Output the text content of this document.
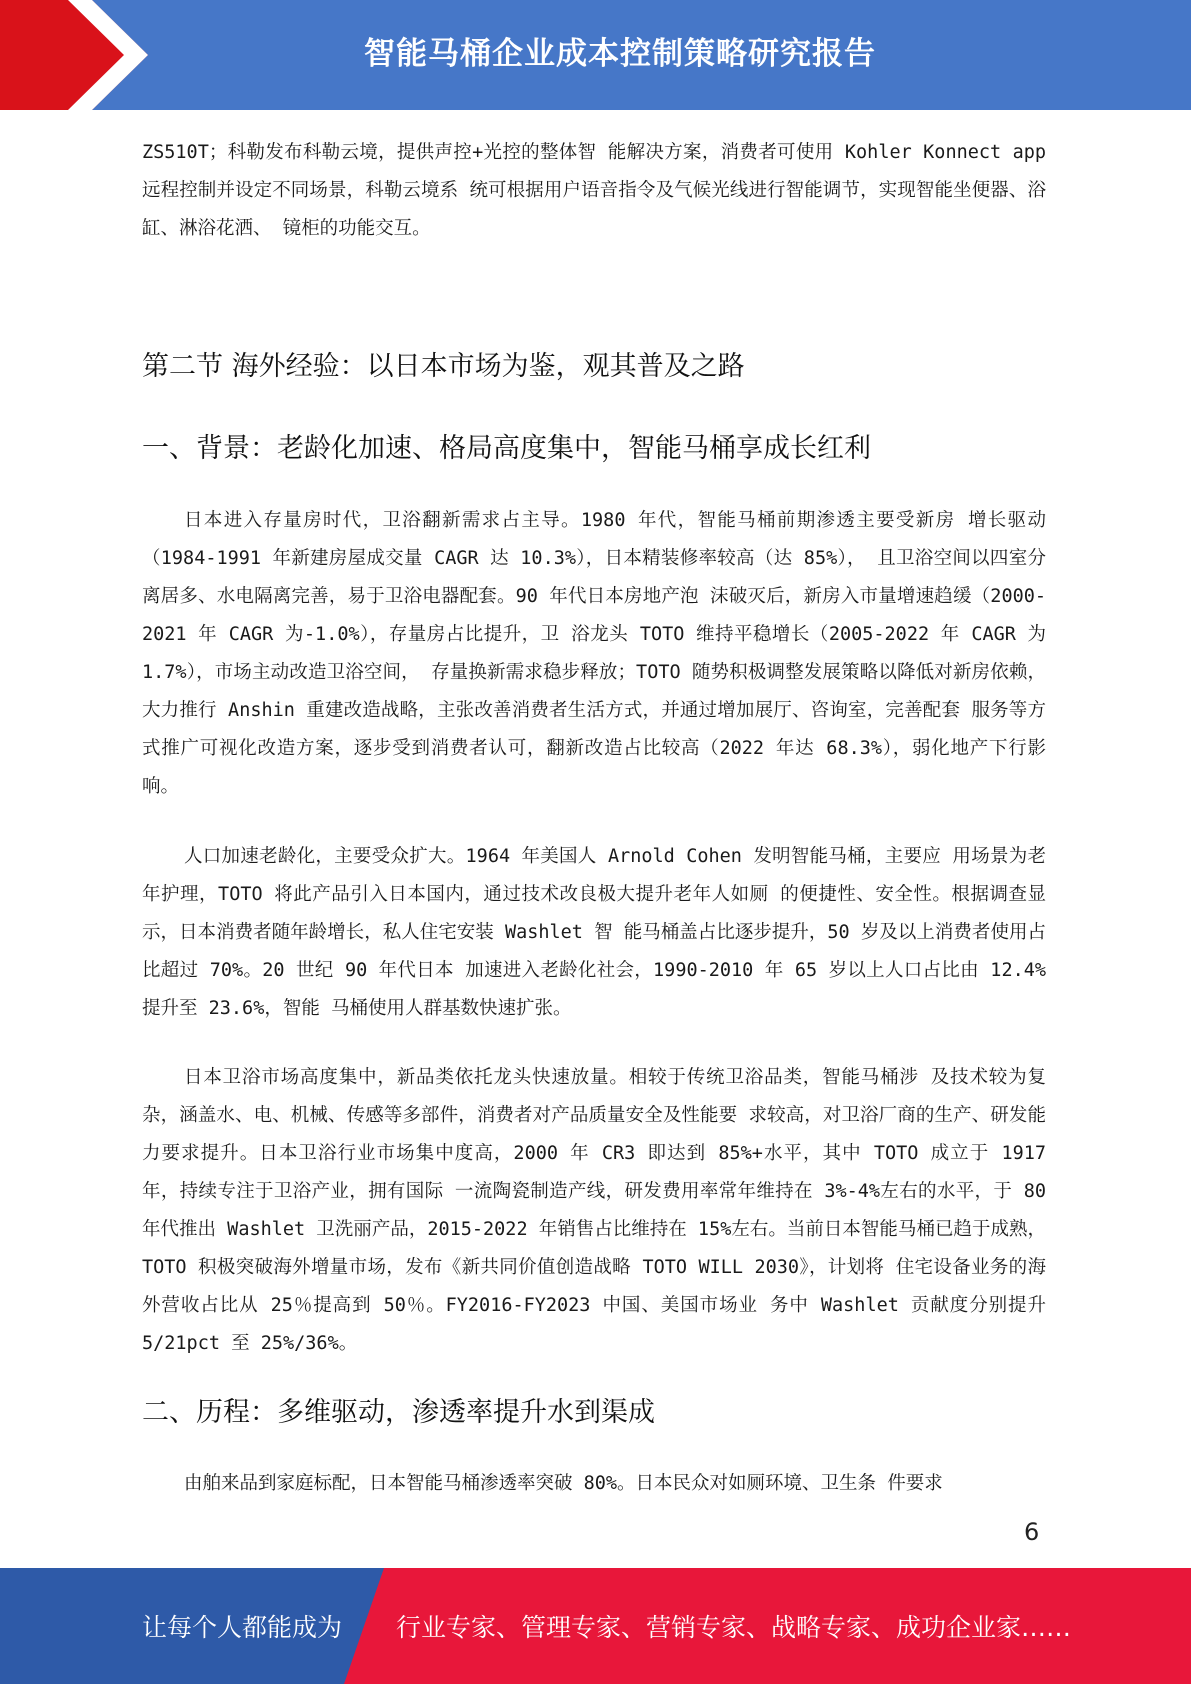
智能马桶企业成本控制策略研究报告

ZS510T；科勒发布科勒云境，提供声控+光控的整体智 能解决方案，消费者可使用 Kohler Konnect app 远程控制并设定不同场景，科勒云境系 统可根据用户语音指令及气候光线进行智能调节，实现智能坐便器、浴缸、淋浴花洒、 镜柜的功能交互。

第二节 海外经验：以日本市场为鉴，观其普及之路
一、背景：老龄化加速、格局高度集中，智能马桶享成长红利

日本进入存量房时代，卫浴翻新需求占主导。1980 年代，智能马桶前期渗透主要受新房 增长驱动（1984-1991 年新建房屋成交量 CAGR 达 10.3%），日本精装修率较高（达 85%）， 且卫浴空间以四室分离居多、水电隔离完善，易于卫浴电器配套。90 年代日本房地产泡 沫破灭后，新房入市量增速趋缓（2000-2021 年 CAGR 为-1.0%），存量房占比提升，卫 浴龙头 TOTO 维持平稳增长（2005-2022 年 CAGR 为 1.7%），市场主动改造卫浴空间， 存量换新需求稳步释放；TOTO 随势积极调整发展策略以降低对新房依赖，大力推行 Anshin 重建改造战略，主张改善消费者生活方式，并通过增加展厅、咨询室，完善配套 服务等方式推广可视化改造方案，逐步受到消费者认可，翻新改造占比较高（2022 年达 68.3%），弱化地产下行影响。

人口加速老龄化，主要受众扩大。1964 年美国人 Arnold Cohen 发明智能马桶，主要应 用场景为老年护理，TOTO 将此产品引入日本国内，通过技术改良极大提升老年人如厕 的便捷性、安全性。根据调查显示，日本消费者随年龄增长，私人住宅安装 Washlet 智 能马桶盖占比逐步提升，50 岁及以上消费者使用占比超过 70%。20 世纪 90 年代日本 加速进入老龄化社会，1990-2010 年 65 岁以上人口占比由 12.4%提升至 23.6%，智能 马桶使用人群基数快速扩张。

日本卫浴市场高度集中，新品类依托龙头快速放量。相较于传统卫浴品类，智能马桶涉 及技术较为复杂，涵盖水、电、机械、传感等多部件，消费者对产品质量安全及性能要 求较高，对卫浴厂商的生产、研发能力要求提升。日本卫浴行业市场集中度高，2000 年 CR3 即达到 85%+水平，其中 TOTO 成立于 1917 年，持续专注于卫浴产业，拥有国际 一流陶瓷制造产线，研发费用率常年维持在 3%-4%左右的水平，于 80 年代推出 Washlet 卫洗丽产品，2015-2022 年销售占比维持在 15%左右。当前日本智能马桶已趋于成熟， TOTO 积极突破海外增量市场，发布《新共同价值创造战略 TOTO WILL 2030》，计划将 住宅设备业务的海外营收占比从 25％提高到 50％。FY2016-FY2023 中国、美国市场业 务中 Washlet 贡献度分别提升 5/21pct 至 25%/36%。

二、历程：多维驱动，渗透率提升水到渠成

由舶来品到家庭标配，日本智能马桶渗透率突破 80%。日本民众对如厕环境、卫生条 件要求

6
让每个人都能成为 行业专家、管理专家、营销专家、战略专家、成功企业家……
